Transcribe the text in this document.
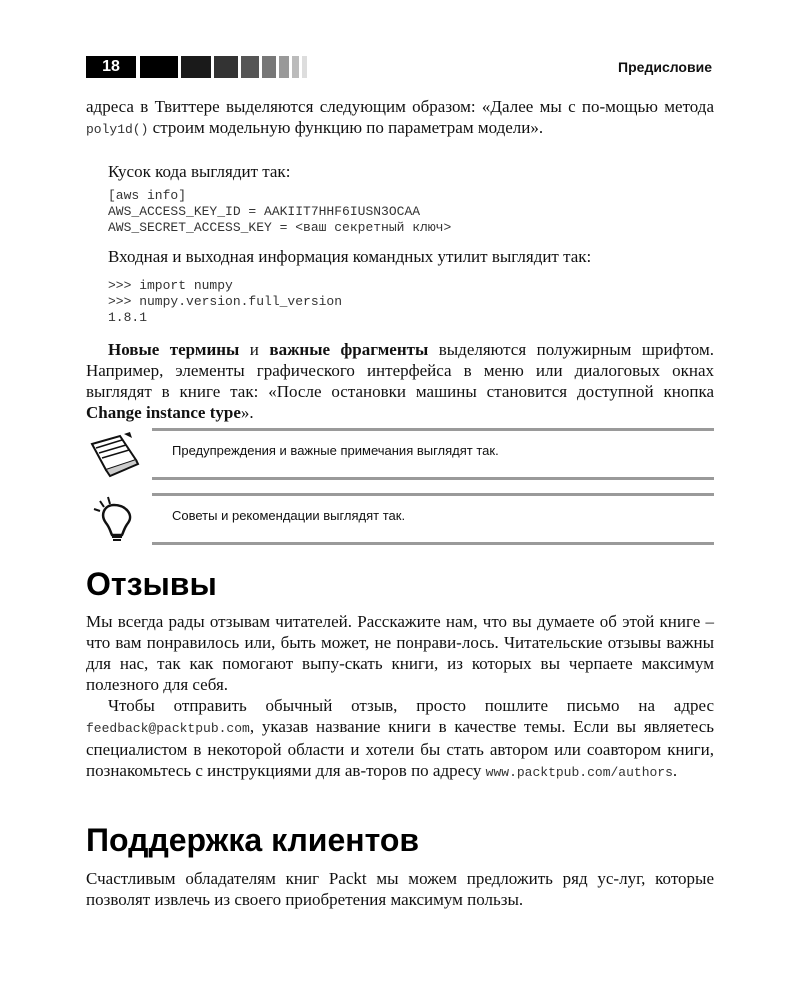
18	Предисловие

адреса в Твиттере выделяются следующим образом: «Далее мы с по-мощью метода poly1d() строим модельную функцию по параметрам модели».

Кусок кода выглядит так:

[aws info]
AWS_ACCESS_KEY_ID = AAKIIT7HHF6IUSN3OCAA
AWS_SECRET_ACCESS_KEY = <ваш секретный ключ>

Входная и выходная информация командных утилит выглядит так:

>>> import numpy
>>> numpy.version.full_version
1.8.1

Новые термины и важные фрагменты выделяются полужирным шрифтом. Например, элементы графического интерфейса в меню или диалоговых окнах выглядят в книге так: «После остановки машины становится доступной кнопка Change instance type».

Предупреждения и важные примечания выглядят так.
Советы и рекомендации выглядят так.
Отзывы

Мы всегда рады отзывам читателей. Расскажите нам, что вы думаете об этой книге – что вам понравилось или, быть может, не понрави-лось. Читательские отзывы важны для нас, так как помогают выпу-скать книги, из которых вы черпаете максимум полезного для себя.

Чтобы отправить обычный отзыв, просто пошлите письмо на адрес feedback@packtpub.com, указав название книги в качестве темы. Если вы являетесь специалистом в некоторой области и хотели бы стать автором или соавтором книги, познакомьтесь с инструкциями для ав-торов по адресу www.packtpub.com/authors.

Поддержка клиентов

Счастливым обладателям книг Packt мы можем предложить ряд ус-луг, которые позволят извлечь из своего приобретения максимум пользы.
